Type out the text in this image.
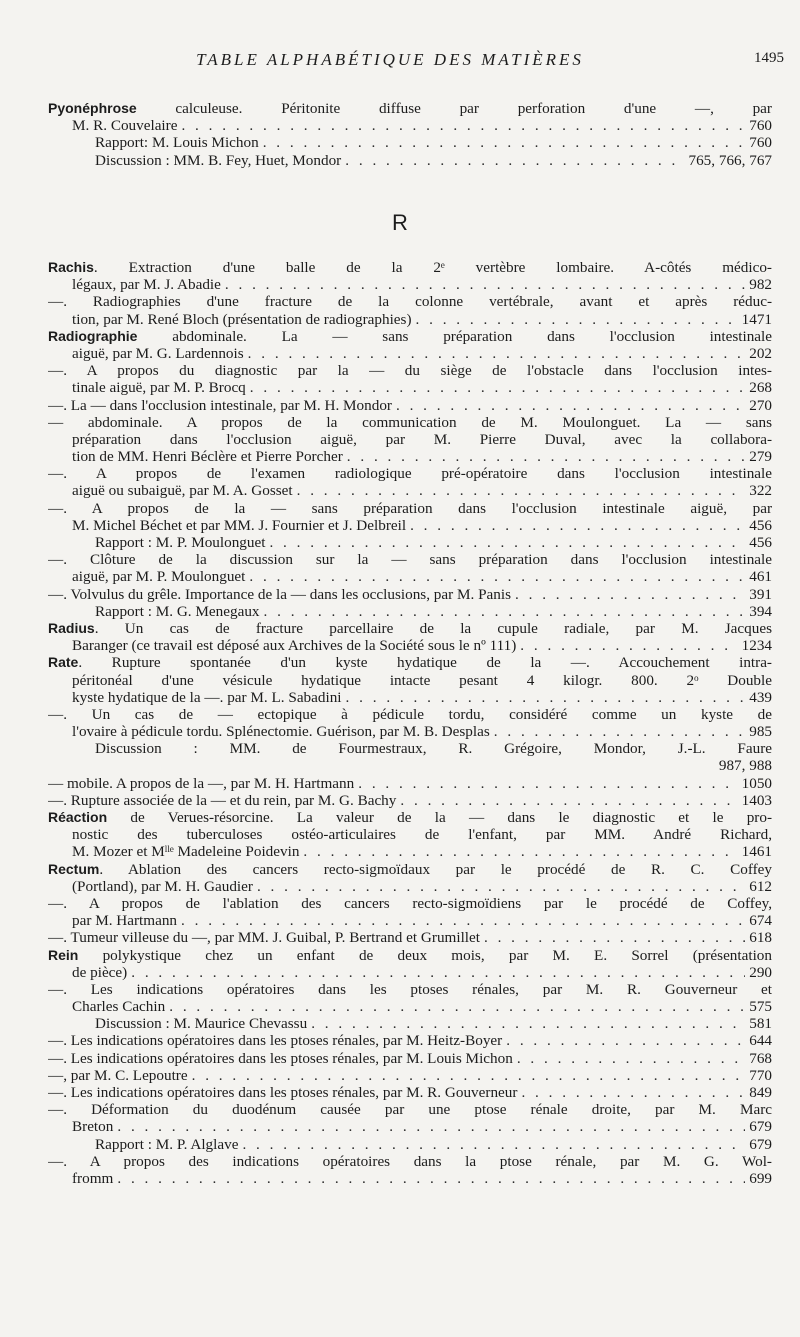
TABLE ALPHABÉTIQUE DES MATIÈRES	1495
Pyonéphrose calculeuse. Péritonite diffuse par perforation d'une —, par
M. R. Couvelaire . . .	760
Rapport: M. Louis Michon . . .	760
Discussion : MM. B. Fey, Huet, Mondor . . .	765, 766, 767
R
Rachis. Extraction d'une balle de la 2ᵉ vertèbre lombaire. A-côtés médico-
légaux, par M. J. Abadie . . .	982
—. Radiographies d'une fracture de la colonne vertébrale, avant et après réduc-
tion, par M. René Bloch (présentation de radiographies) . . .	1471
Radiographie abdominale. La — sans préparation dans l'occlusion intestinale
aiguë, par M. G. Lardennois . . .	202
—. A propos du diagnostic par la — du siège de l'obstacle dans l'occlusion intes-
tinale aiguë, par M. P. Brocq . . .	268
—. La — dans l'occlusion intestinale, par M. H. Mondor . . .	270
— abdominale. A propos de la communication de M. Moulonguet. La — sans
préparation dans l'occlusion aiguë, par M. Pierre Duval, avec la collabora-
tion de MM. Henri Béclère et Pierre Porcher . . .	279
—. A propos de l'examen radiologique pré-opératoire dans l'occlusion intestinale
aiguë ou subaiguë, par M. A. Gosset . . .	322
—. A propos de la — sans préparation dans l'occlusion intestinale aiguë, par
M. Michel Béchet et par MM. J. Fournier et J. Delbreil . . .	456
Rapport : M. P. Moulonguet . . .	456
—. Clôture de la discussion sur la — sans préparation dans l'occlusion intestinale
aiguë, par M. P. Moulonguet . . .	461
—. Volvulus du grêle. Importance de la — dans les occlusions, par M. Panis . . .	391
Rapport : M. G. Menegaux . . .	394
Radius. Un cas de fracture parcellaire de la cupule radiale, par M. Jacques
Baranger (ce travail est déposé aux Archives de la Société sous le nº 111) . . .	1234
Rate. Rupture spontanée d'un kyste hydatique de la —. Accouchement intra-
péritonéal d'une vésicule hydatique intacte pesant 4 kilogr. 800. 2ᵒ Double
kyste hydatique de la —. par M. L. Sabadini . . .	439
—. Un cas de — ectopique à pédicule tordu, considéré comme un kyste de
l'ovaire à pédicule tordu. Splénectomie. Guérison, par M. B. Desplas . . .	985
Discussion : MM. de Fourmestraux, R. Grégoire, Mondor, J.-L. Faure
987, 988
— mobile. A propos de la —, par M. H. Hartmann . . .	1050
—. Rupture associée de la — et du rein, par M. G. Bachy . . .	1403
Réaction de Verues-résorcine. La valeur de la — dans le diagnostic et le pro-
nostic des tuberculoses ostéo-articulaires de l'enfant, par MM. André Richard,
M. Mozer et Mˡˡᵉ Madeleine Poidevin . . .	1461
Rectum. Ablation des cancers recto-sigmoïdaux par le procédé de R. C. Coffey
(Portland), par M. H. Gaudier . . .	612
—. A propos de l'ablation des cancers recto-sigmoïdiens par le procédé de Coffey,
par M. Hartmann . . .	674
—. Tumeur villeuse du —, par MM. J. Guibal, P. Bertrand et Grumillet . . .	618
Rein polykystique chez un enfant de deux mois, par M. E. Sorrel (présentation
de pièce) . . .	290
—. Les indications opératoires dans les ptoses rénales, par M. R. Gouverneur et
Charles Cachin . . .	575
Discussion : M. Maurice Chevassu . . .	581
—. Les indications opératoires dans les ptoses rénales, par M. Heitz-Boyer . . .	644
—. Les indications opératoires dans les ptoses rénales, par M. Louis Michon . . .	768
—, par M. C. Lepoutre . . .	770
—. Les indications opératoires dans les ptoses rénales, par M. R. Gouverneur . . .	849
—. Déformation du duodénum causée par une ptose rénale droite, par M. Marc
Breton . . .	679
Rapport : M. P. Alglave . . .	679
—. A propos des indications opératoires dans la ptose rénale, par M. G. Wol-
fromm . . .	699
